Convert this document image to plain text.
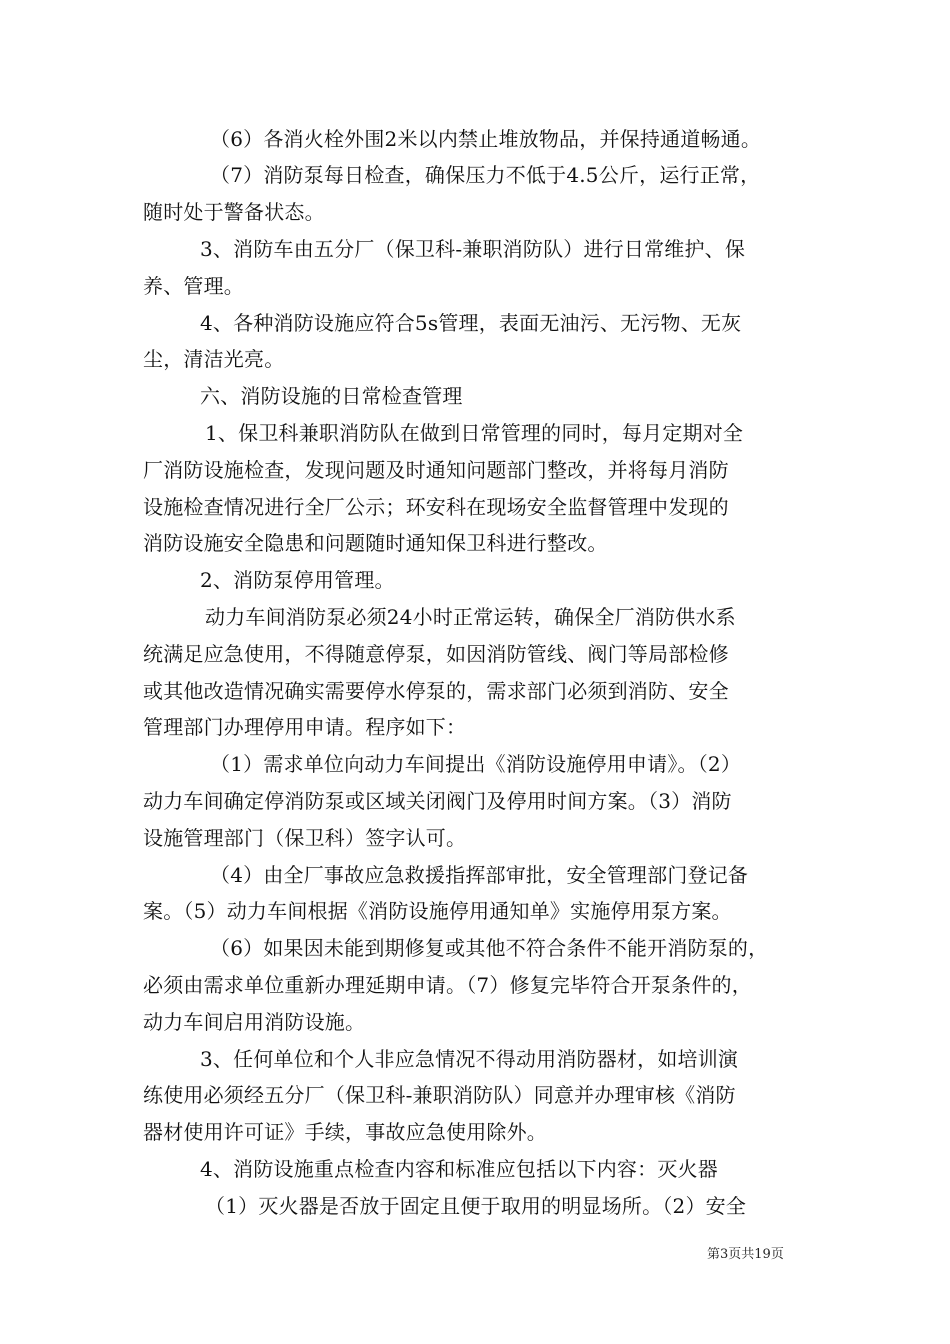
（6）各消火栓外围2米以内禁止堆放物品，并保持通道畅通。
（7）消防泵每日检查，确保压力不低于4.5公斤，运行正常，
随时处于警备状态。
3、消防车由五分厂（保卫科-兼职消防队）进行日常维护、保
养、管理。
4、各种消防设施应符合5s管理，表面无油污、无污物、无灰
尘，清洁光亮。
六、消防设施的日常检查管理
1、保卫科兼职消防队在做到日常管理的同时，每月定期对全
厂消防设施检查，发现问题及时通知问题部门整改，并将每月消防
设施检查情况进行全厂公示；环安科在现场安全监督管理中发现的
消防设施安全隐患和问题随时通知保卫科进行整改。
2、消防泵停用管理。
动力车间消防泵必须24小时正常运转，确保全厂消防供水系
统满足应急使用，不得随意停泵，如因消防管线、阀门等局部检修
或其他改造情况确实需要停水停泵的，需求部门必须到消防、安全
管理部门办理停用申请。程序如下：
（1）需求单位向动力车间提出《消防设施停用申请》。（2）
动力车间确定停消防泵或区域关闭阀门及停用时间方案。（3）消防
设施管理部门（保卫科）签字认可。
（4）由全厂事故应急救援指挥部审批，安全管理部门登记备
案。（5）动力车间根据《消防设施停用通知单》实施停用泵方案。
（6）如果因未能到期修复或其他不符合条件不能开消防泵的，
必须由需求单位重新办理延期申请。（7）修复完毕符合开泵条件的，
动力车间启用消防设施。
3、任何单位和个人非应急情况不得动用消防器材，如培训演
练使用必须经五分厂（保卫科-兼职消防队）同意并办理审核《消防
器材使用许可证》手续，事故应急使用除外。
4、消防设施重点检查内容和标准应包括以下内容：灭火器
（1）灭火器是否放于固定且便于取用的明显场所。（2）安全
第3页共19页
